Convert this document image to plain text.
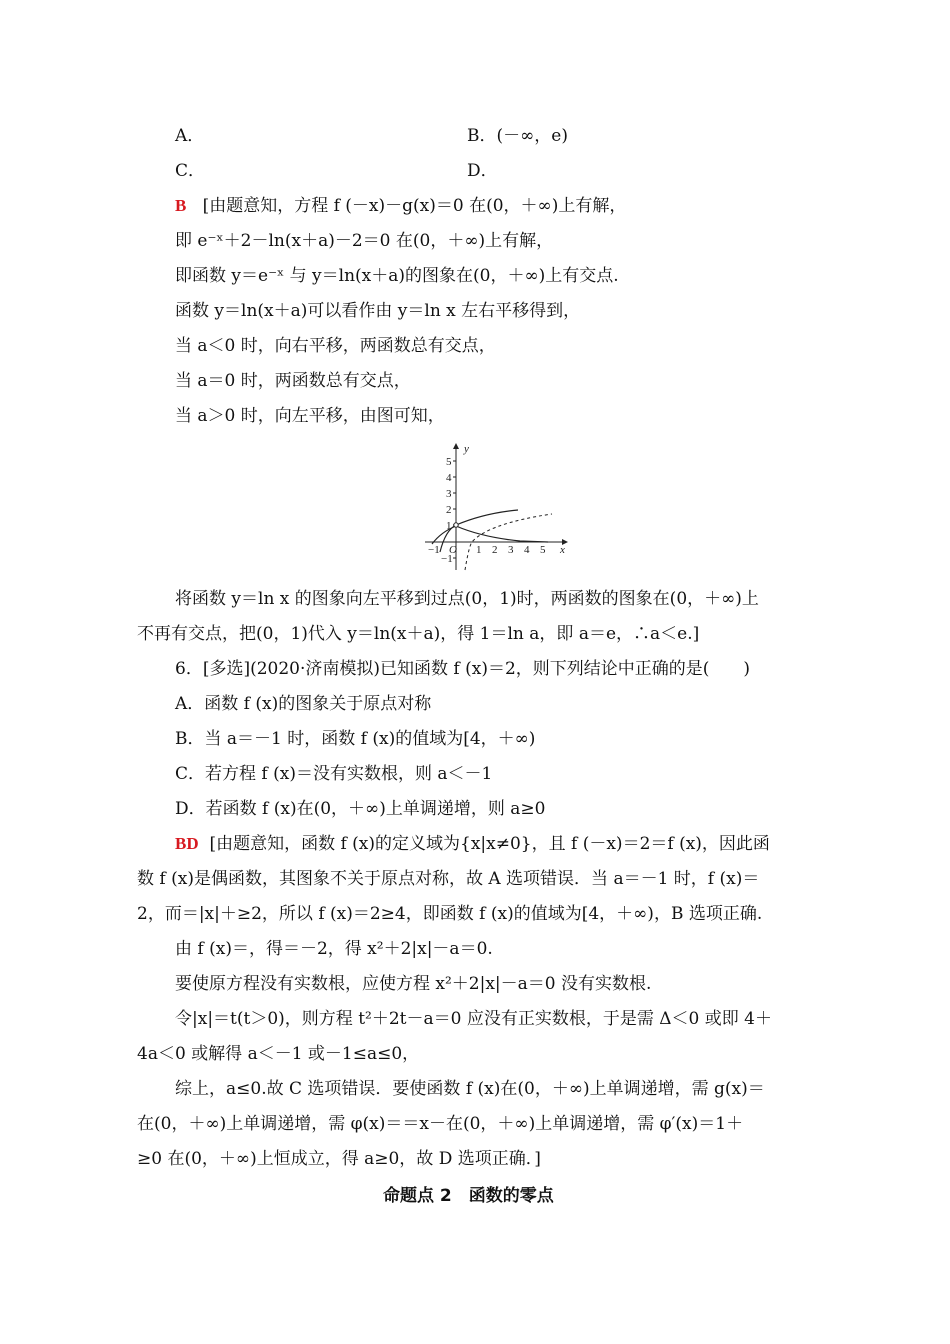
A．	B．(－∞，e)
C．	D．
B [由题意知，方程 f (－x)－g(x)＝0 在(0，＋∞)上有解，
即 e⁻ˣ＋2－ln(x＋a)－2＝0 在(0，＋∞)上有解，
即函数 y＝e⁻ˣ 与 y＝ln(x＋a)的图象在(0，＋∞)上有交点.
函数 y＝ln(x＋a)可以看作由 y＝ln x 左右平移得到，
当 a＜0 时，向右平移，两函数总有交点，
当 a＝0 时，两函数总有交点，
当 a＞0 时，向左平移，由图可知，
y
x
5
4
3
2
1
−1
−1 O 1 2 3 4 5
将函数 y＝ln x 的图象向左平移到过点(0，1)时，两函数的图象在(0，＋∞)上
不再有交点，把(0，1)代入 y＝ln(x＋a)，得 1＝ln a，即 a＝e，∴a＜e.]
6．[多选](2020·济南模拟)已知函数 f (x)＝2，则下列结论中正确的是(　　)
A．函数 f (x)的图象关于原点对称
B．当 a＝－1 时，函数 f (x)的值域为[4，＋∞)
C．若方程 f (x)＝没有实数根，则 a＜－1
D．若函数 f (x)在(0，＋∞)上单调递增，则 a≥0
BD [由题意知，函数 f (x)的定义域为{x|x≠0}，且 f (－x)＝2＝f (x)，因此函
数 f (x)是偶函数，其图象不关于原点对称，故 A 选项错误．当 a＝－1 时，f (x)＝
2，而＝|x|＋≥2，所以 f (x)＝2≥4，即函数 f (x)的值域为[4，＋∞)，B 选项正确.
由 f (x)＝，得＝－2，得 x²＋2|x|－a＝0.
要使原方程没有实数根，应使方程 x²＋2|x|－a＝0 没有实数根.
令|x|＝t(t＞0)，则方程 t²＋2t－a＝0 应没有正实数根，于是需 Δ＜0 或即 4＋
4a＜0 或解得 a＜－1 或－1≤a≤0，
综上，a≤0.故 C 选项错误．要使函数 f (x)在(0，＋∞)上单调递增，需 g(x)＝
在(0，＋∞)上单调递增，需 φ(x)＝＝x－在(0，＋∞)上单调递增，需 φ′(x)＝1＋
≥0 在(0，＋∞)上恒成立，得 a≥0，故 D 选项正确．]
命题点 2　函数的零点
